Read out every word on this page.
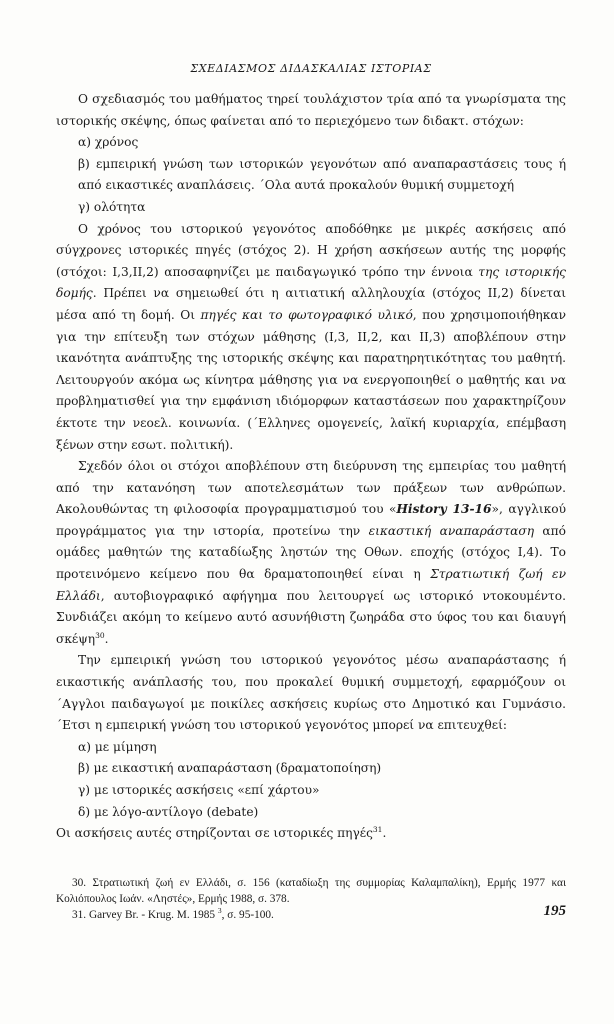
ΣΧΕΔΙΑΣΜΟΣ ΔΙΔΑΣΚΑΛΙΑΣ ΙΣΤΟΡΙΑΣ

Ο σχεδιασμός του μαθήματος τηρεί τουλάχιστον τρία από τα γνωρίσματα της ιστορικής σκέψης, όπως φαίνεται από το περιεχόμενο των διδακτ. στόχων:

α) χρόνος

β) εμπειρική γνώση των ιστορικών γεγονότων από αναπαραστάσεις τους ή από εικαστικές αναπλάσεις. ΄Ολα αυτά προκαλούν θυμική συμμετοχή

γ) ολότητα

Ο χρόνος του ιστορικού γεγονότος αποδόθηκε με μικρές ασκήσεις από σύγχρονες ιστορικές πηγές (στόχος 2). Η χρήση ασκήσεων αυτής της μορφής (στόχοι: I,3,II,2) αποσαφηνίζει με παιδαγωγικό τρόπο την έννοια της ιστορικής δομής. Πρέπει να σημειωθεί ότι η αιτιατική αλληλουχία (στόχος II,2) δίνεται μέσα από τη δομή. Οι πηγές και το φωτογραφικό υλικό, που χρησιμοποιήθηκαν για την επίτευξη των στόχων μάθησης (I,3, II,2, και II,3) αποβλέπουν στην ικανότητα ανάπτυξης της ιστορικής σκέψης και παρατηρητικότητας του μαθητή. Λειτουργούν ακόμα ως κίνητρα μάθησης για να ενεργοποιηθεί ο μαθητής και να προβληματισθεί για την εμφάνιση ιδιόμορφων καταστάσεων που χαρακτηρίζουν έκτοτε την νεοελ. κοινωνία. (΄Ελληνες ομογενείς, λαϊκή κυριαρχία, επέμβαση ξένων στην εσωτ. πολιτική).

Σχεδόν όλοι οι στόχοι αποβλέπουν στη διεύρυνση της εμπειρίας του μαθητή από την κατανόηση των αποτελεσμάτων των πράξεων των ανθρώπων. Ακολουθώντας τη φιλοσοφία προγραμματισμού του «History 13-16», αγγλικού προγράμματος για την ιστορία, προτείνω την εικαστική αναπαράσταση από ομάδες μαθητών της καταδίωξης ληστών της Οθων. εποχής (στόχος I,4). Το προτεινόμενο κείμενο που θα δραματοποιηθεί είναι η Στρατιωτική ζωή εν Ελλάδι, αυτοβιογραφικό αφήγημα που λειτουργεί ως ιστορικό ντοκουμέντο. Συνδιάζει ακόμη το κείμενο αυτό ασυνήθιστη ζωηράδα στο ύφος του και διαυγή σκέψη$^{30}$.

Την εμπειρική γνώση του ιστορικού γεγονότος μέσω αναπαράστασης ή εικαστικής ανάπλασής του, που προκαλεί θυμική συμμετοχή, εφαρμόζουν οι ΄Αγγλοι παιδαγωγοί με ποικίλες ασκήσεις κυρίως στο Δημοτικό και Γυμνάσιο. ΄Ετσι η εμπειρική γνώση του ιστορικού γεγονότος μπορεί να επιτευχθεί:

α) με μίμηση

β) με εικαστική αναπαράσταση (δραματοποίηση)

γ) με ιστορικές ασκήσεις «επί χάρτου»

δ) με λόγο-αντίλογο (debate)

Οι ασκήσεις αυτές στηρίζονται σε ιστορικές πηγές$^{31}$.

30. Στρατιωτική ζωή εν Ελλάδι, σ. 156 (καταδίωξη της συμμορίας Καλαμπαλίκη), Ερμής 1977 και Κολιόπουλος Ιωάν. «Ληστές», Ερμής 1988, σ. 378.

31. Garvey Br. - Krug. M. 1985 $^3$, σ. 95-100.	195
